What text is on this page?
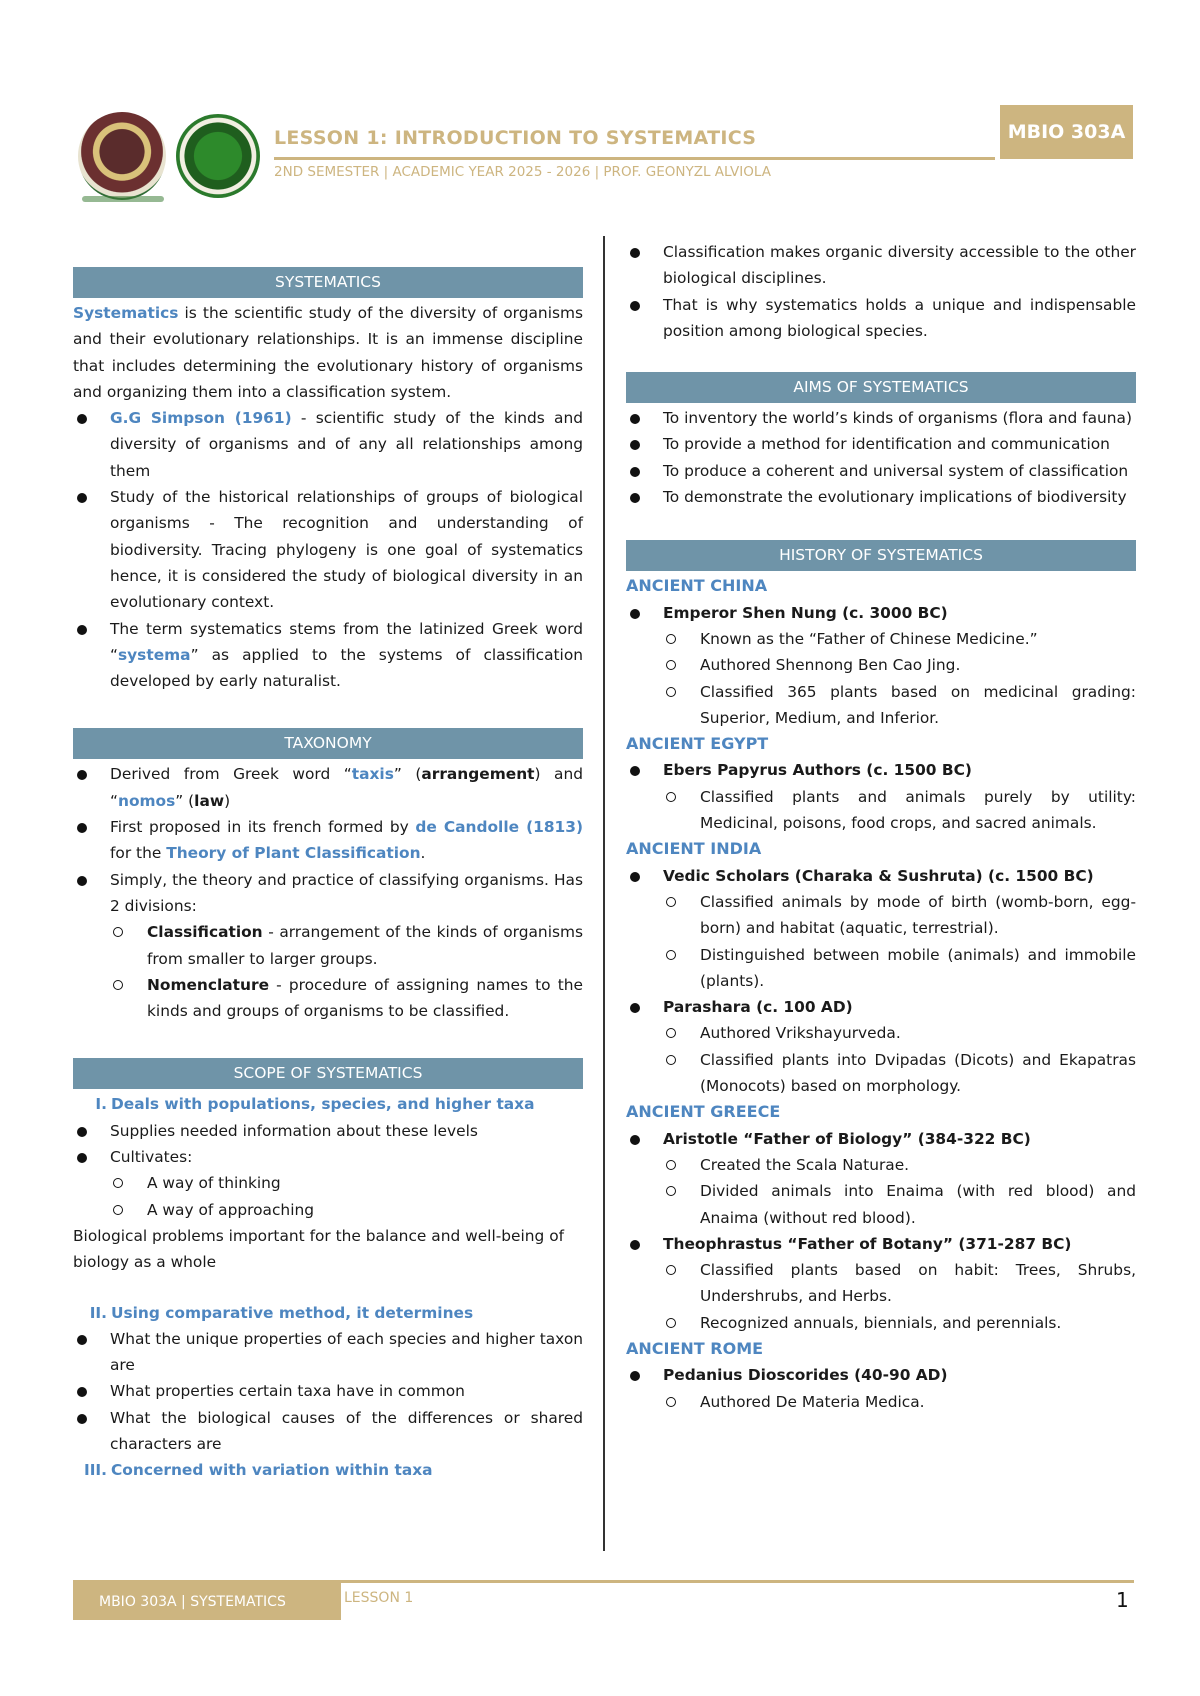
LESSON 1: INTRODUCTION TO SYSTEMATICS
2ND SEMESTER | ACADEMIC YEAR 2025 - 2026 | PROF. GEONYZL ALVIOLA
MBIO 303A
SYSTEMATICS

Systematics is the scientific study of the diversity of organisms and their evolutionary relationships. It is an immense discipline that includes determining the evolutionary history of organisms and organizing them into a classification system.

G.G Simpson (1961) - scientific study of the kinds and diversity of organisms and of any all relationships among them
Study of the historical relationships of groups of biological organisms - The recognition and understanding of biodiversity. Tracing phylogeny is one goal of systematics hence, it is considered the study of biological diversity in an evolutionary context.
The term systematics stems from the latinized Greek word “systema” as applied to the systems of classification developed by early naturalist.
TAXONOMY
Derived from Greek word “taxis” (arrangement) and “nomos” (law)
First proposed in its french formed by de Candolle (1813) for the Theory of Plant Classification.
Simply, the theory and practice of classifying organisms. Has 2 divisions:
Classification - arrangement of the kinds of organisms from smaller to larger groups.
Nomenclature - procedure of assigning names to the kinds and groups of organisms to be classified.
SCOPE OF SYSTEMATICS
I. Deals with populations, species, and higher taxa
Supplies needed information about these levels
Cultivates:
A way of thinking
A way of approaching

Biological problems important for the balance and well-being of biology as a whole

II. Using comparative method, it determines
What the unique properties of each species and higher taxon are
What properties certain taxa have in common
What the biological causes of the differences or shared characters are
III. Concerned with variation within taxa
Classification makes organic diversity accessible to the other biological disciplines.
That is why systematics holds a unique and indispensable position among biological species.
AIMS OF SYSTEMATICS
To inventory the world’s kinds of organisms (flora and fauna)
To provide a method for identification and communication
To produce a coherent and universal system of classification
To demonstrate the evolutionary implications of biodiversity
HISTORY OF SYSTEMATICS
ANCIENT CHINA
Emperor Shen Nung (c. 3000 BC)
Known as the “Father of Chinese Medicine.”
Authored Shennong Ben Cao Jing.
Classified 365 plants based on medicinal grading: Superior, Medium, and Inferior.
ANCIENT EGYPT
Ebers Papyrus Authors (c. 1500 BC)
Classified plants and animals purely by utility: Medicinal, poisons, food crops, and sacred animals.
ANCIENT INDIA
Vedic Scholars (Charaka & Sushruta) (c. 1500 BC)
Classified animals by mode of birth (womb-born, egg-born) and habitat (aquatic, terrestrial).
Distinguished between mobile (animals) and immobile (plants).
Parashara (c. 100 AD)
Authored Vrikshayurveda.
Classified plants into Dvipadas (Dicots) and Ekapatras (Monocots) based on morphology.
ANCIENT GREECE
Aristotle “Father of Biology” (384-322 BC)
Created the Scala Naturae.
Divided animals into Enaima (with red blood) and Anaima (without red blood).
Theophrastus “Father of Botany” (371-287 BC)
Classified plants based on habit: Trees, Shrubs, Undershrubs, and Herbs.
Recognized annuals, biennials, and perennials.
ANCIENT ROME
Pedanius Dioscorides (40-90 AD)
Authored De Materia Medica.
MBIO 303A | SYSTEMATICS	LESSON 1	1
